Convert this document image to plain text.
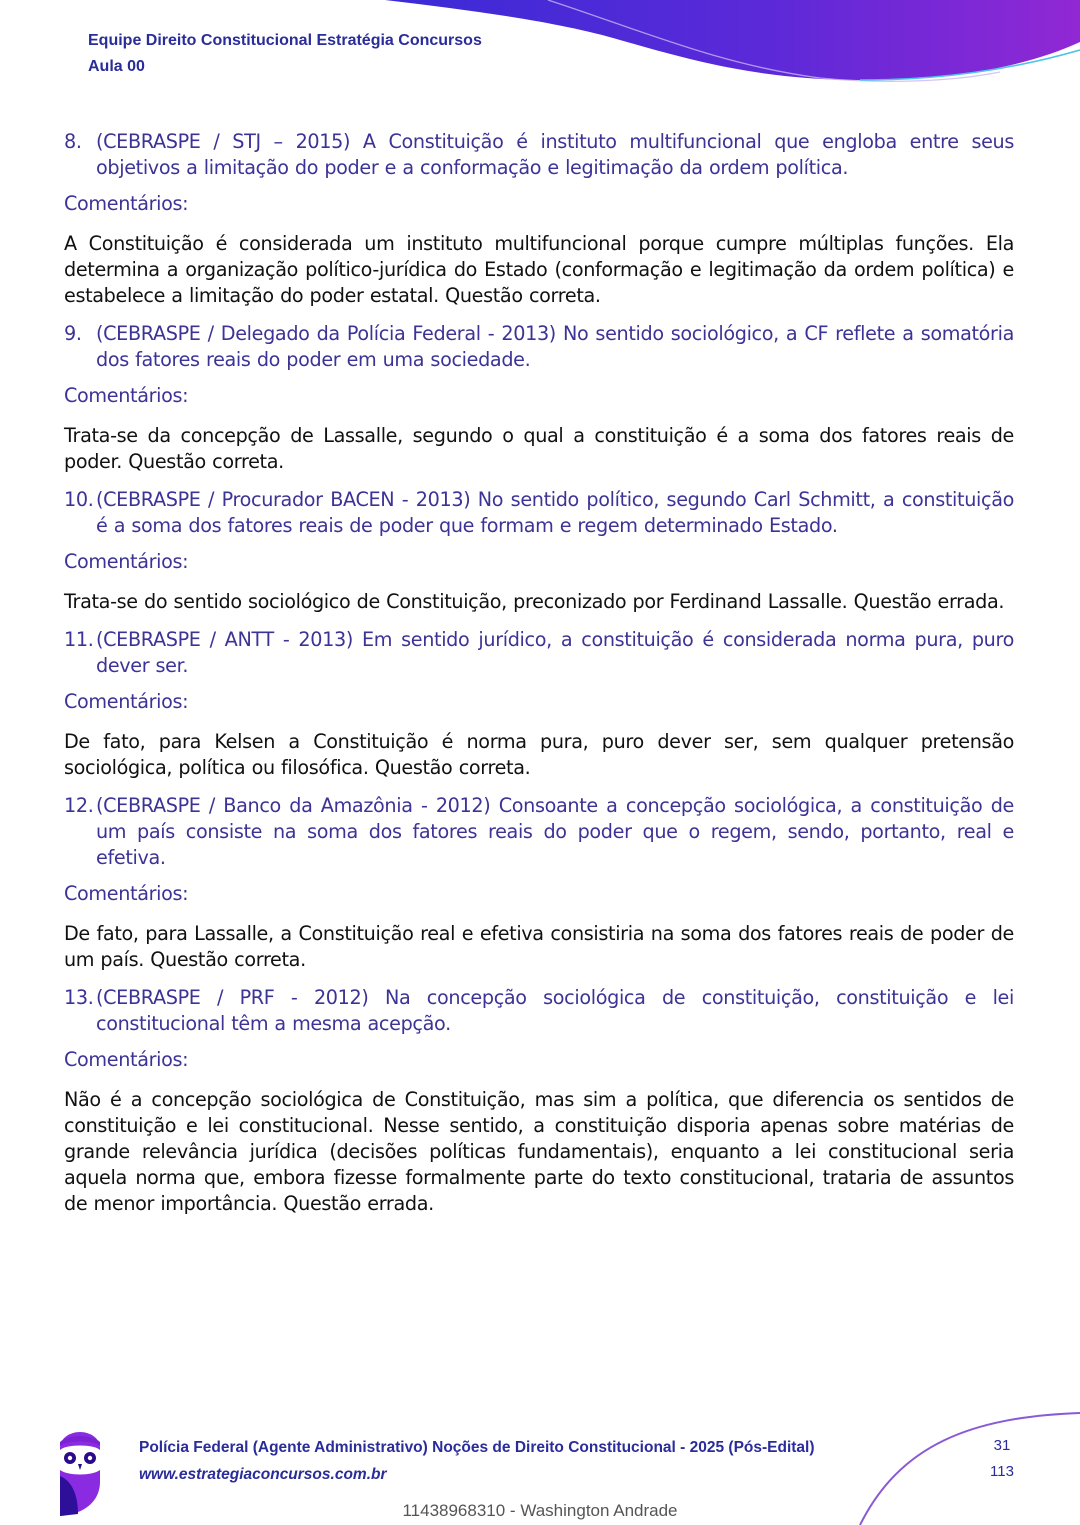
Equipe Direito Constitucional Estratégia Concursos
Aula 00
8. (CEBRASPE / STJ – 2015) A Constituição é instituto multifuncional que engloba entre seus objetivos a limitação do poder e a conformação e legitimação da ordem política.
Comentários:
A Constituição é considerada um instituto multifuncional porque cumpre múltiplas funções. Ela determina a organização político-jurídica do Estado (conformação e legitimação da ordem política) e estabelece a limitação do poder estatal. Questão correta.
9. (CEBRASPE / Delegado da Polícia Federal - 2013) No sentido sociológico, a CF reflete a somatória dos fatores reais do poder em uma sociedade.
Comentários:
Trata-se da concepção de Lassalle, segundo o qual a constituição é a soma dos fatores reais de poder. Questão correta.
10. (CEBRASPE / Procurador BACEN - 2013) No sentido político, segundo Carl Schmitt, a constituição é a soma dos fatores reais de poder que formam e regem determinado Estado.
Comentários:
Trata-se do sentido sociológico de Constituição, preconizado por Ferdinand Lassalle. Questão errada.
11. (CEBRASPE / ANTT - 2013) Em sentido jurídico, a constituição é considerada norma pura, puro dever ser.
Comentários:
De fato, para Kelsen a Constituição é norma pura, puro dever ser, sem qualquer pretensão sociológica, política ou filosófica. Questão correta.
12. (CEBRASPE / Banco da Amazônia - 2012) Consoante a concepção sociológica, a constituição de um país consiste na soma dos fatores reais do poder que o regem, sendo, portanto, real e efetiva.
Comentários:
De fato, para Lassalle, a Constituição real e efetiva consistiria na soma dos fatores reais de poder de um país. Questão correta.
13. (CEBRASPE / PRF - 2012) Na concepção sociológica de constituição, constituição e lei constitucional têm a mesma acepção.
Comentários:
Não é a concepção sociológica de Constituição, mas sim a política, que diferencia os sentidos de constituição e lei constitucional. Nesse sentido, a constituição disporia apenas sobre matérias de grande relevância jurídica (decisões políticas fundamentais), enquanto a lei constitucional seria aquela norma que, embora fizesse formalmente parte do texto constitucional, trataria de assuntos de menor importância. Questão errada.
Polícia Federal (Agente Administrativo) Noções de Direito Constitucional - 2025 (Pós-Edital)
www.estrategiaconcursos.com.br
31
113
11438968310 - Washington Andrade
